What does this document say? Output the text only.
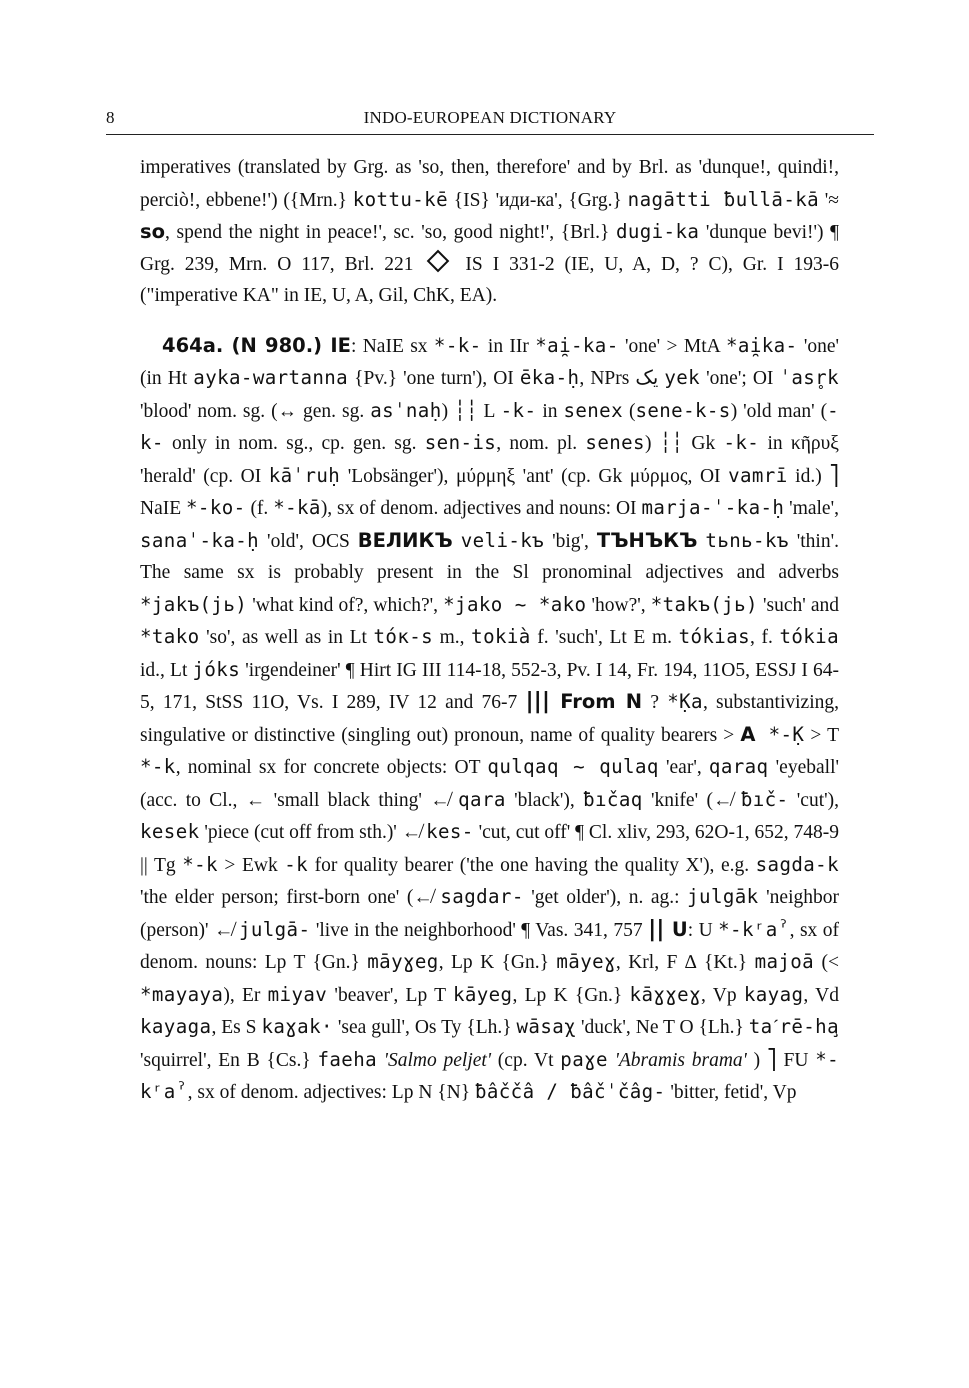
8	INDO-EUROPEAN DICTIONARY

imperatives (translated by Grg. as 'so, then, therefore' and by Brl. as 'dunque!, quindi!, perciò!, ebbene!') ({Mrn.} kottu-kē {IS} 'иди-ка', {Grg.} nagātti ƀullā-kā '≈ so, spend the night in peace!', sc. 'so, good night!', {Brl.} dugi-ka 'dunque bevi!') ¶ Grg. 239, Mrn. O 117, Brl. 221  IS I 331-2 (IE, U, A, D, ? C), Gr. I 193-6 ("imperative KA" in IE, U, A, Gil, ChK, EA).

464a. (N 980.) IE: NaIE sx *-k- in IIr *ai̯-ka- 'one' > MtA *ai̯ka- 'one' (in Ht ayka-wartanna {Pv.} 'one turn'), OI ēka-ḥ, NPrs یک yek 'one'; OI ˈasr̥k 'blood' nom. sg. (↔ gen. sg. asˈnaḥ) ┆┆ L -k- in senex (sene-k-s) 'old man' (-k- only in nom. sg., cp. gen. sg. sen-is, nom. pl. senes) ┆┆ Gk -k- in κῆρυξ 'herald' (cp. OI kāˈruḥ 'Lobsänger'), μύρμηξ 'ant' (cp. Gk μύρμος, OI vamrī id.) ⎤ NaIE *-ko- (f. *-kā), sx of denom. adjectives and nouns: OI marja-ˈ-ka-ḥ 'male', sanaˈ-ka-ḥ 'old', OCS ВЕЛИКЪ veli-kъ 'big', ТЪНЪКЪ tьnь-kъ 'thin'. The same sx is probably present in the Sl pronominal adjectives and adverbs *jakъ(jь) 'what kind of?, which?', *jako ~ *ako 'how?', *takъ(jь) 'such' and *tako 'so', as well as in Lt tóк-s m., tokià f. 'such', Lt E m. tókias, f. tókia id., Lt jóks 'irgendeiner' ¶ Hirt IG III 114-18, 552-3, Pv. I 14, Fr. 194, 11O5, ESSJ I 64-5, 171, StSS 11O, Vs. I 289, IV 12 and 76-7 ||| From N ? *Ḳa, substantivizing, singulative or distinctive (singling out) pronoun, name of quality bearers > A *-Ḳ > T *-k, nominal sx for concrete objects: OT qulqaq ~ qulaq 'ear', qaraq 'eyeball' (acc. to Cl., ← 'small black thing' ↚ qara 'black'), ƀıčaq 'knife' (↚ ƀıč- 'cut'), kesek 'piece (cut off from sth.)' ↚ kes- 'cut, cut off' ¶ Cl. xliv, 293, 62O-1, 652, 748-9 || Tg *-k > Ewk -k for quality bearer ('the one having the quality X'), e.g. sagda-k 'the elder person; first-born one' (↚ sagdar- 'get older'), n. ag.: julgāk 'neighbor (person)' ↚ julgā- 'live in the neighborhood' ¶ Vas. 341, 757 || U: U *-kʳaˀ, sx of denom. nouns: Lp T {Gn.} māyɣeg, Lp K {Gn.} māyeɣ, Krl, F ∆ {Kt.} majoā (< *mayaya), Er miyav 'beaver', Lp T kāyeg, Lp K {Gn.} kāɣɣeɣ, Vp kayag, Vd kayaga, Es S kaɣak· 'sea gull', Os Ty {Lh.} wāsaχ 'duck', Ne T O {Lh.} taˊrē-ha̧ 'squirrel', En B {Cs.} faeha 'Salmo peljet' (cp. Vt paɣe 'Abramis brama' ) ⎤ FU *-kʳaˀ, sx of denom. adjectives: Lp N {N} ƀâččâ / ƀâčˈčâg- 'bitter, fetid', Vp
